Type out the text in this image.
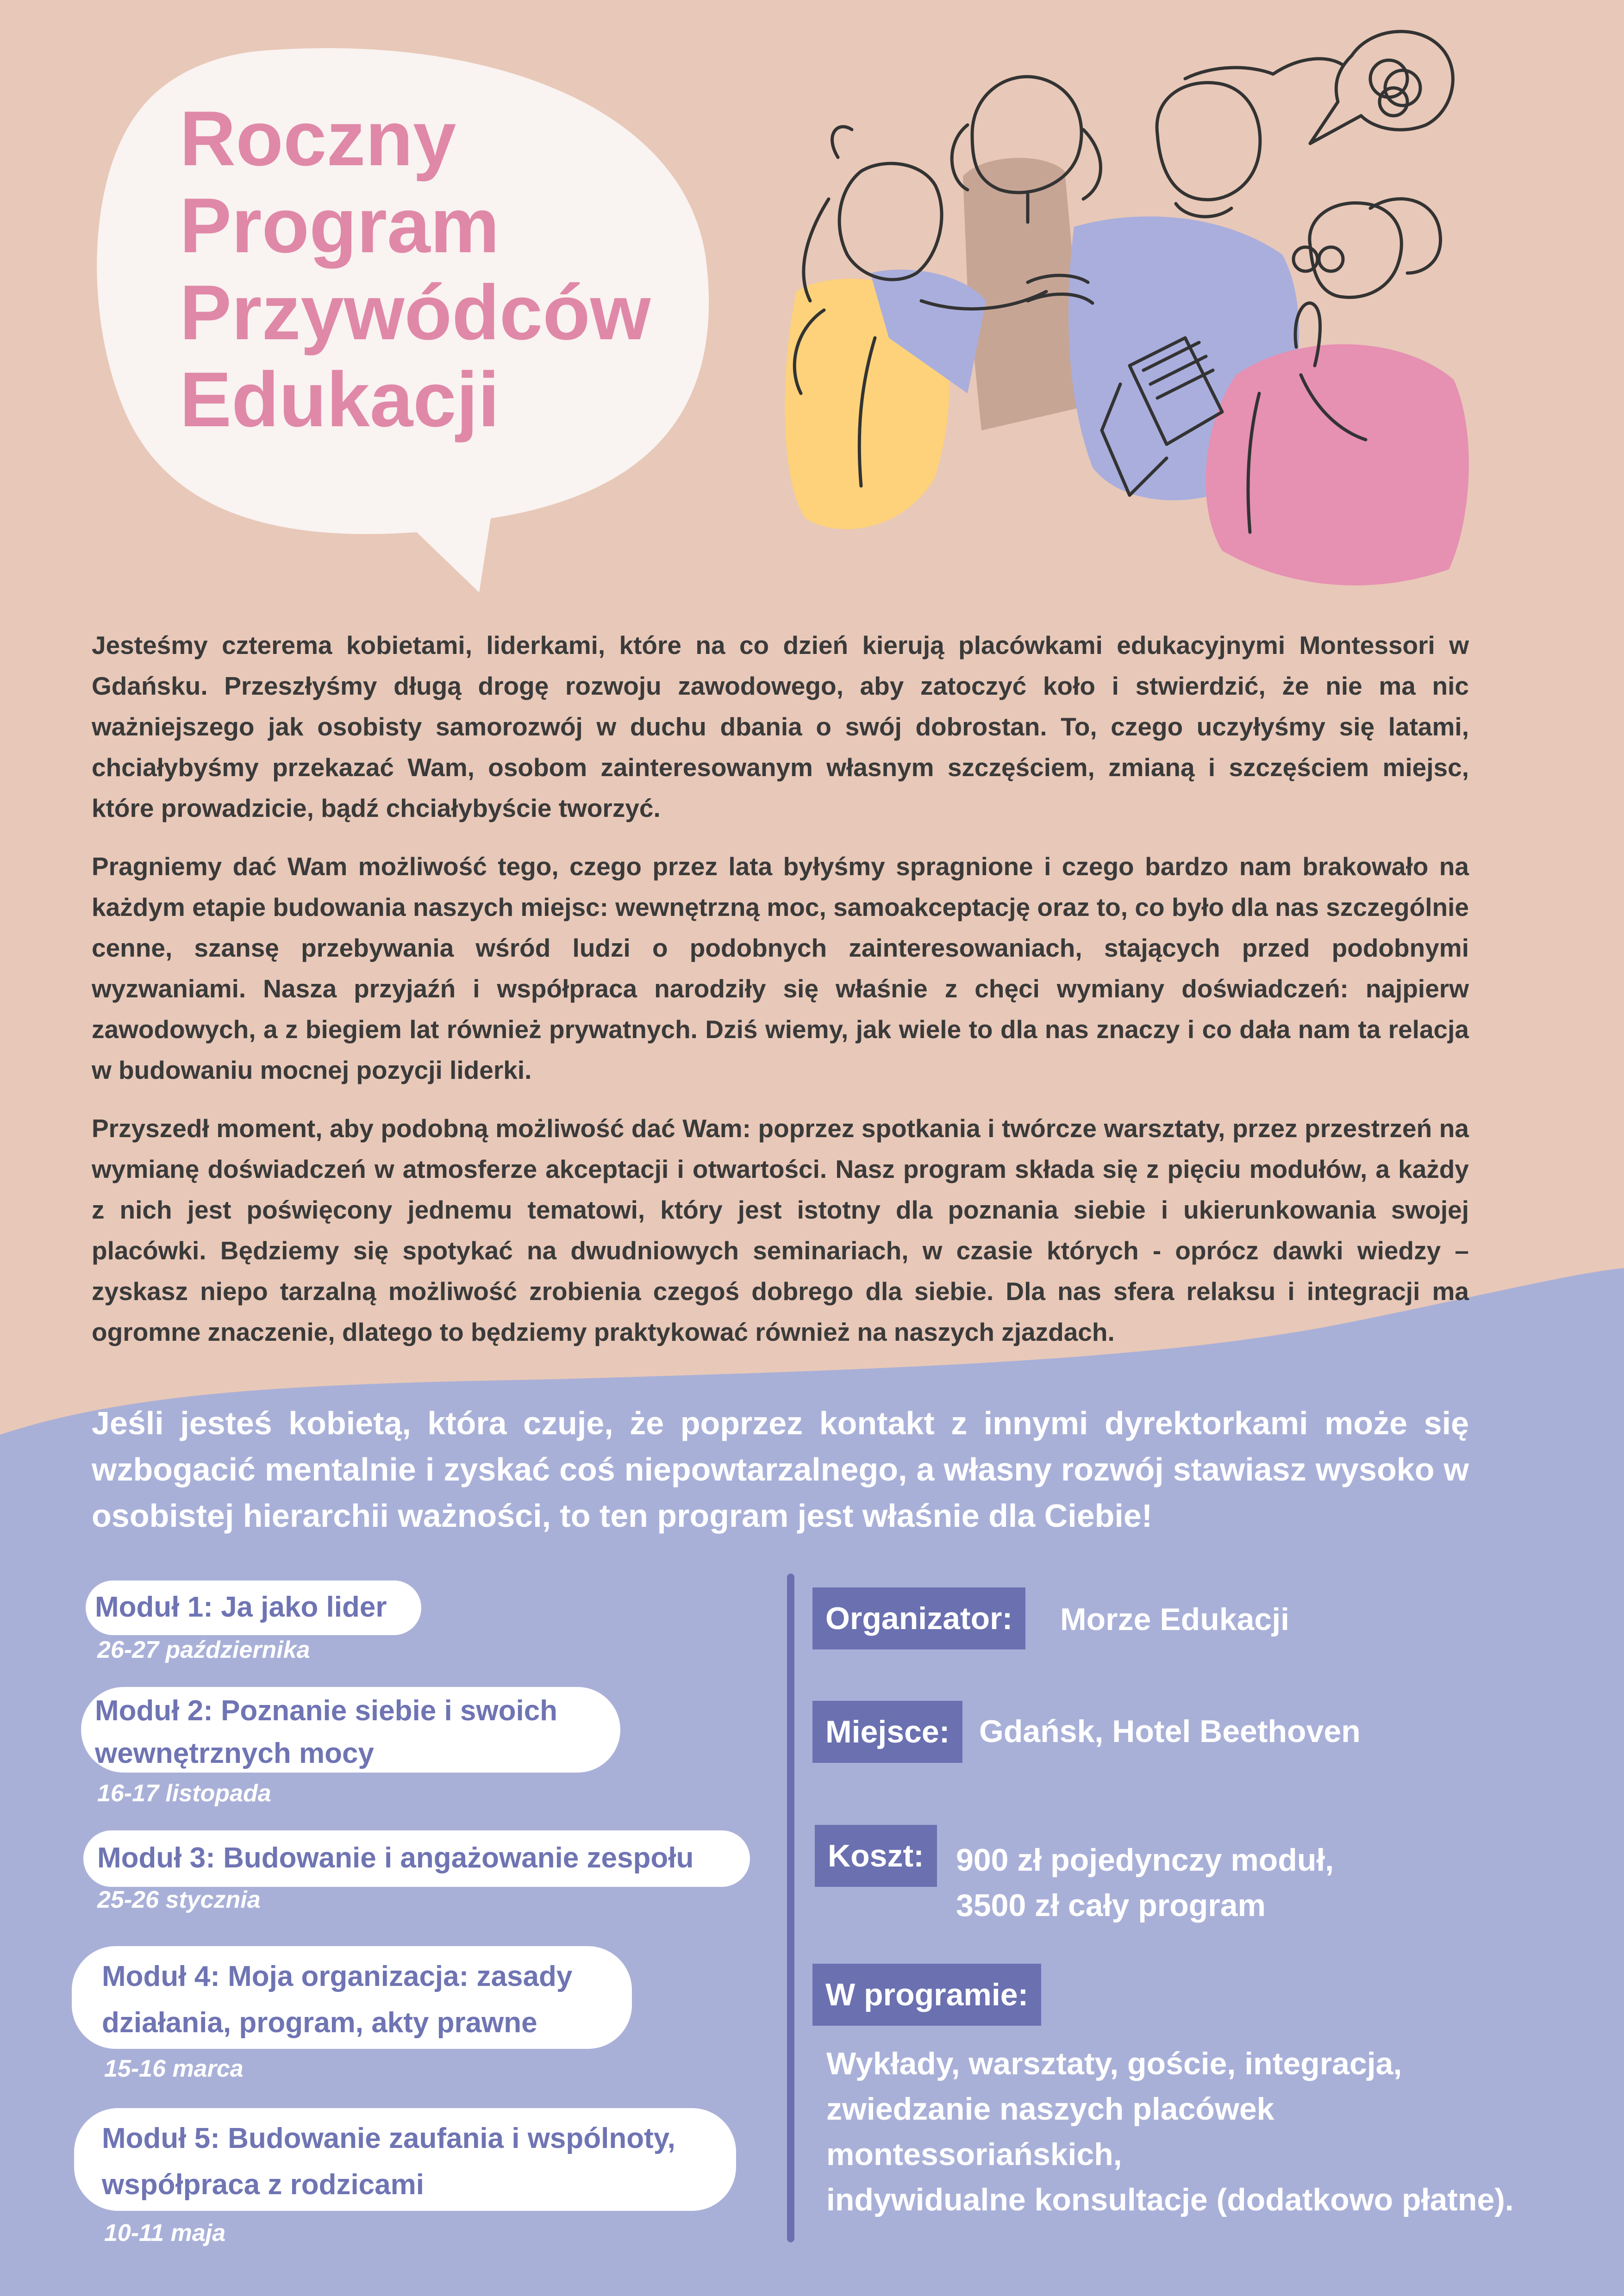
Roczny
Program
Przywódców
Edukacji

Jesteśmy czterema kobietami, liderkami, które na co dzień kierują placówkami edukacyjnymi Montessori w Gdańsku. Przeszłyśmy długą drogę rozwoju zawodowego, aby zatoczyć koło i stwierdzić, że nie ma nic ważniejszego jak osobisty samorozwój w duchu dbania o swój dobrostan. To, czego uczyłyśmy się latami, chciałybyśmy przekazać Wam, osobom zainteresowanym własnym szczęściem, zmianą i szczęściem miejsc, które prowadzicie, bądź chciałybyście tworzyć.

Pragniemy dać Wam możliwość tego, czego przez lata byłyśmy spragnione i czego bardzo nam brakowało na każdym etapie budowania naszych miejsc: wewnętrzną moc, samoakceptację oraz to, co było dla nas szczególnie cenne, szansę przebywania wśród ludzi o podobnych zainteresowaniach, stających przed podobnymi wyzwaniami. Nasza przyjaźń i współpraca narodziły się właśnie z chęci wymiany doświadczeń: najpierw zawodowych, a z biegiem lat również prywatnych. Dziś wiemy, jak wiele to dla nas znaczy i co dała nam ta relacja w budowaniu mocnej pozycji liderki.

Przyszedł moment, aby podobną możliwość dać Wam: poprzez spotkania i twórcze warsztaty, przez przestrzeń na wymianę doświadczeń w atmosferze akceptacji i otwartości. Nasz program składa się z pięciu modułów, a każdy z nich jest poświęcony jednemu tematowi, który jest istotny dla poznania siebie i ukierunkowania swojej placówki. Będziemy się spotykać na dwudniowych seminariach, w czasie których - oprócz dawki wiedzy – zyskasz niepo tarzalną możliwość zrobienia czegoś dobrego dla siebie. Dla nas sfera relaksu i integracji ma ogromne znaczenie, dlatego to będziemy praktykować również na naszych zjazdach.

Jeśli jesteś kobietą, która czuje, że poprzez kontakt z innymi dyrektorkami może się wzbogacić mentalnie i zyskać coś niepowtarzalnego, a własny rozwój stawiasz wysoko w osobistej hierarchii ważności, to ten program jest właśnie dla Ciebie!

Moduł 1: Ja jako lider
26-27 października
Moduł 2: Poznanie siebie i swoich
wewnętrznych mocy
16-17 listopada
Moduł 3: Budowanie i angażowanie zespołu
25-26 stycznia
Moduł 4: Moja organizacja: zasady
działania, program, akty prawne
15-16 marca
Moduł 5: Budowanie zaufania i wspólnoty,
współpraca z rodzicami
10-11 maja
Organizator:	Morze Edukacji
Miejsce: Gdańsk, Hotel Beethoven
Koszt:	900 zł pojedynczy moduł,
3500 zł cały program
W programie:
Wykłady, warsztaty, goście, integracja,
zwiedzanie naszych placówek
montessoriańskich,
indywidualne konsultacje (dodatkowo płatne).
